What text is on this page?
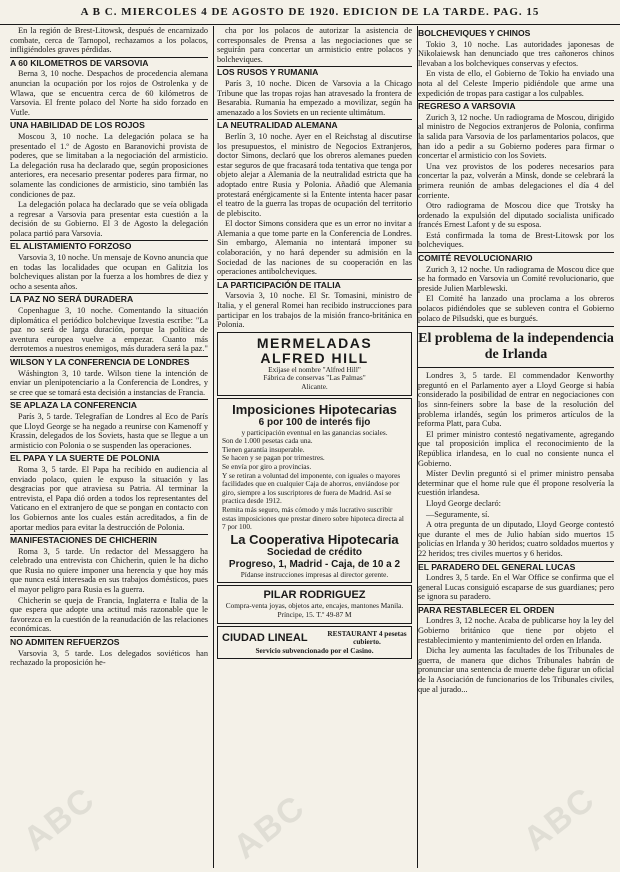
A B C. MIERCOLES 4 DE AGOSTO DE 1920. EDICION DE LA TARDE. PAG. 15
En la región de Brest-Litowsk, después de encarnizado combate, cerca de Tarnopol, rechazamos a los polacos, infligiéndoles graves pérdidas.
A 60 KILOMETROS DE VARSOVIA
Berna 3, 10 noche. Despachos de procedencia alemana anuncian la ocupación por los rojos de Ostrolenka y de Wlawa, que se encuentra cerca de 60 kilómetros de Varsovia. El frente polaco del Norte ha sido forzado en Vutle.
UNA HABILIDAD DE LOS ROJOS
Moscou 3, 10 noche. La delegación polaca se ha presentado el 1.º de Agosto en Baranovichi provista de poderes, que se limitaban a la negociación del armisticio. La delegación rusa ha declarado que, según proposiciones anteriores, era necesario presentar poderes para firmar, no solamente las condiciones de armisticio, sino también las condiciones de paz.
La delegación polaca ha declarado que se veía obligada a regresar a Varsovia para presentar esta cuestión a la decisión de su Gobierno. El 3 de Agosto la delegación polaca partió para Varsovia.
EL ALISTAMIENTO FORZOSO
Varsovia 3, 10 noche. Un mensaje de Kovno anuncia que en todas las localidades que ocupan en Galitzia los bolcheviques alistan por la fuerza a los hombres de diez y ocho a sesenta años.
LA PAZ NO SERÁ DURADERA
Copenhague 3, 10 noche. Comentando la situación diplomática el periódico bolchevique Izvestia escribe: "La paz no será de larga duración, porque la política de aventura europea vuelve a empezar. Cuanto más derrotemos a nuestros enemigos, más duradera será la paz."
WILSON Y LA CONFERENCIA DE LONDRES
Wáshington 3, 10 tarde. Wilson tiene la intención de enviar un plenipotenciario a la Conferencia de Londres, y se cree que se tomará esta decisión a instancias de Francia.
SE APLAZA LA CONFERENCIA
París 3, 5 tarde. Telegrafían de Londres al Eco de París que Lloyd George se ha negado a reunirse con Kamenoff y Krassin, delegados de los Soviets, hasta que se llegue a un armisticio con Polonia o se suspenden las operaciones.
EL PAPA Y LA SUERTE DE POLONIA
Roma 3, 5 tarde. El Papa ha recibido en audiencia al enviado polaco, quien le expuso la situación y las desgracias por que atraviesa su Patria. Al terminar la entrevista, el Papa dió orden a todos los representantes del Vaticano en el extranjero de que se pongan en contacto con los Gobiernos ante los cuales están acreditados, a fin de aportar medios para evitar la destrucción de Polonia.
MANIFESTACIONES DE CHICHERIN
Roma 3, 5 tarde. Un redactor del Messaggero ha celebrado una entrevista con Chicherin, quien le ha dicho que Rusia no quiere imponer una herencia y que hoy más que nunca está interesada en sus trabajos domésticos, pues el mayor peligro para Rusia es la guerra.
Chicherin se queja de Francia, Inglaterra e Italia de la que espera que adopte una actitud más razonable que le favorezca en la cuestión de la reanudación de las relaciones económicas.
NO ADMITEN REFUERZOS
Varsovia 3, 5 tarde. Los delegados soviéticos han rechazado la proposición he-
cha por los polacos de autorizar la asistencia de corresponsales de Prensa a las negociaciones que se seguirán para concertar un armisticio entre polacos y bolcheviques.
LOS RUSOS Y RUMANIA
París 3, 10 noche. Dicen de Varsovia a la Chicago Tribune que las tropas rojas han atravesado la frontera de Besarabia. Rumania ha empezado a movilizar, según ha amenazado a los Soviets en un reciente ultimátum.
LA NEUTRALIDAD ALEMANA
Berlín 3, 10 noche. Ayer en el Reichstag al discutirse los presupuestos, el ministro de Negocios Extranjeros, doctor Simons, declaró que los obreros alemanes pueden estar seguros de que fracasará toda tentativa que tenga por objeto alejar a Alemania de la neutralidad estricta que ha adoptado entre Rusia y Polonia. Añadió que Alemania protestará enérgicamente si la Entente intenta hacer pasar el teatro de la guerra las tropas de ocupación del territorio de plebiscito.
El doctor Simons considera que es un error no invitar a Alemania a que tome parte en la Conferencia de Londres. Sin embargo, Alemania no intentará imponer su colaboración, y no hará depender su admisión en la Sociedad de las naciones de su cooperación en las operaciones antibolcheviques.
LA PARTICIPACIÓN DE ITALIA
Varsovia 3, 10 noche. El Sr. Tomasini, ministro de Italia, y el general Romei han recibido instrucciones para participar en los trabajos de la misión franco-británica en Polonia.
MERMELADAS ALFRED HILL
Exíjase el nombre "Alfred Hill"
Fábrica de conservas "Las Palmas"
Alicante.
Imposiciones Hipotecarias
6 por 100 de interés fijo
y participación eventual en las ganancias sociales.
Son de 1.000 pesetas cada una.
Tienen garantía insuperable.
Se hacen y se pagan por trimestres.
Se envía por giro a provincias.
Y se retiran a voluntad del imponente, con iguales o mayores facilidades que en cualquier Caja de ahorros, enviándose por giro, siempre a los suscriptores de fuera de Madrid. Así se practica desde 1912.
Remita más seguro, más cómodo y más lucrativo suscribir estas imposiciones que prestar dinero sobre hipoteca directa al 7 por 100.
La Cooperativa Hipotecaria
Sociedad de crédito
Progreso, 1, Madrid - Caja, de 10 a 2
Pídanse instrucciones impresas al director gerente.
PILAR RODRIGUEZ
Compra-venta joyas, objetos arte, encajes, mantones Manila. Príncipe, 15. T.º 49-87 M
CIUDAD LINEAL	RESTAURANT 4 pesetas cubierto.
Servicio subvencionado por el Casino.
BOLCHEVIQUES Y CHINOS
Tokio 3, 10 noche. Las autoridades japonesas de Nikolaiewsk han denunciado que tres cañoneros chinos llevaban a los bolcheviques conservas y efectos.
En vista de ello, el Gobierno de Tokio ha enviado una nota al del Celeste Imperio pidiéndole que arme una expedición de tropas para castigar a los culpables.
REGRESO A VARSOVIA
Zurich 3, 12 noche. Un radiograma de Moscou, dirigido al ministro de Negocios extranjeros de Polonia, confirma la salida para Varsovia de los parlamentarios polacos, que han ido a pedir a su Gobierno poderes para firmar o concertar el armisticio con los Soviets.
Una vez provistos de los poderes necesarios para concertar la paz, volverán a Minsk, donde se celebrará la primera reunión de ambas delegaciones el día 4 del corriente.
Otro radiograma de Moscou dice que Trotsky ha ordenado la expulsión del diputado socialista unificado francés Ernest Lafont y de su esposa.
Está confirmada la toma de Brest-Litowsk por los bolcheviques.
COMITÉ REVOLUCIONARIO
Zurich 3, 12 noche. Un radiograma de Moscou dice que se ha formado en Varsovia un Comité revolucionario, que preside Julien Marblewski.
El Comité ha lanzado una proclama a los obreros polacos pidiéndoles que se subleven contra el Gobierno polaco de Pilsudski, que es burgués.
El problema de la independencia de Irlanda
Londres 3, 5 tarde. El commendador Kenworthy preguntó en el Parlamento ayer a Lloyd George si había considerado la posibilidad de entrar en negociaciones con los sinn-feiners sobre la base de la resolución del problema irlandés, según los primeros artículos de la reforma Platt, para Cuba.
El primer ministro contestó negativamente, agregando que tal proposición implica el reconocimiento de la República irlandesa, en lo cual no consiente nunca el Gobierno.
Míster Devlin preguntó si el primer ministro pensaba determinar que el home rule que él propone resolvería la cuestión irlandesa.
Lloyd George declaró:
—Seguramente, sí.
A otra pregunta de un diputado, Lloyd George contestó que durante el mes de Julio habían sido muertos 15 policías en Irlanda y 30 heridos; cuatro soldados muertos y 22 heridos; tres civiles muertos y 6 heridos.
EL PARADERO DEL GENERAL LUCAS
Londres 3, 5 tarde. En el War Office se confirma que el general Lucas consiguió escaparse de sus guardianes; pero se ignora su paradero.
PARA RESTABLECER EL ORDEN
Londres 3, 12 noche. Acaba de publicarse hoy la ley del Gobierno británico que tiene por objeto el restablecimiento y mantenimiento del orden en Irlanda.
Dicha ley aumenta las facultades de los Tribunales de guerra, de manera que dichos Tribunales habrán de pronunciar una sentencia de muerte debe figurar un oficial de la Asociación de funcionarios de los Tribunales civiles, que al jurado...
ABC	ABC	ABC
